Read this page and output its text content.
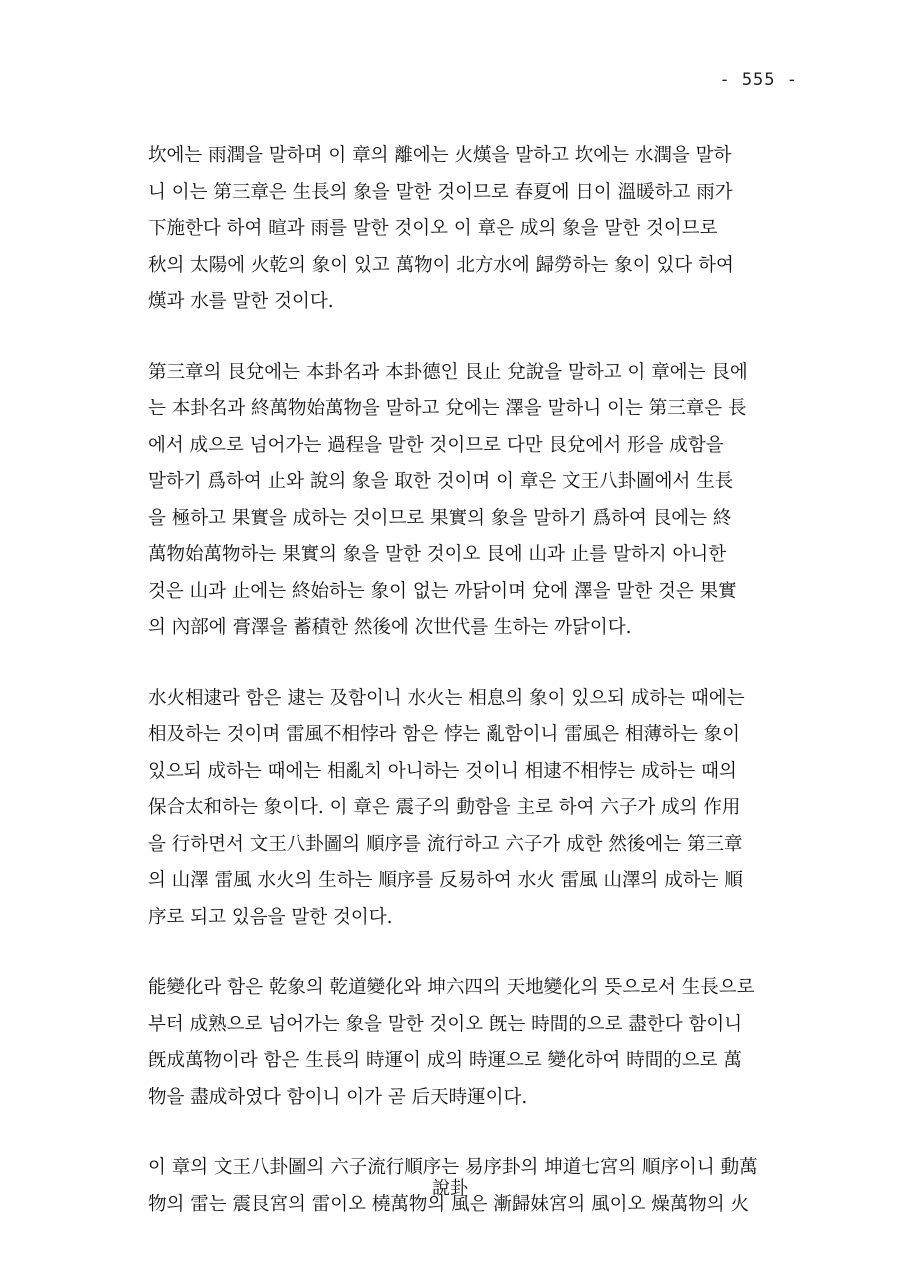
- 555 -

坎에는 雨潤을 말하며 이 章의 離에는 火熯을 말하고 坎에는 水潤을 말하
니 이는 第三章은 生長의 象을 말한 것이므로 春夏에 日이 溫暖하고 雨가
下施한다 하여 暄과 雨를 말한 것이오 이 章은 成의 象을 말한 것이므로
秋의 太陽에 火乾의 象이 있고 萬物이 北方水에 歸勞하는 象이 있다 하여
熯과 水를 말한 것이다.

第三章의 艮兌에는 本卦名과 本卦德인 艮止 兌說을 말하고 이 章에는 艮에
는 本卦名과 終萬物始萬物을 말하고 兌에는 澤을 말하니 이는 第三章은 長
에서 成으로 넘어가는 過程을 말한 것이므로 다만 艮兌에서 形을 成함을
말하기 爲하여 止와 說의 象을 取한 것이며 이 章은 文王八卦圖에서 生長
을 極하고 果實을 成하는 것이므로 果實의 象을 말하기 爲하여 艮에는 終
萬物始萬物하는 果實의 象을 말한 것이오 艮에 山과 止를 말하지 아니한
것은 山과 止에는 終始하는 象이 없는 까닭이며 兌에 澤을 말한 것은 果實
의 內部에 膏澤을 蓄積한 然後에 次世代를 生하는 까닭이다.

水火相逮라 함은 逮는 及함이니 水火는 相息의 象이 있으되 成하는 때에는
相及하는 것이며 雷風不相悖라 함은 悖는 亂함이니 雷風은 相薄하는 象이
있으되 成하는 때에는 相亂치 아니하는 것이니 相逮不相悖는 成하는 때의
保合太和하는 象이다. 이 章은 震子의 動함을 主로 하여 六子가 成의 作用
을 行하면서 文王八卦圖의 順序를 流行하고 六子가 成한 然後에는 第三章
의 山澤 雷風 水火의 生하는 順序를 反易하여 水火 雷風 山澤의 成하는 順
序로 되고 있음을 말한 것이다.

能變化라 함은 乾象의 乾道變化와 坤六四의 天地變化의 뜻으로서 生長으로
부터 成熟으로 넘어가는 象을 말한 것이오 旣는 時間的으로 盡한다 함이니
旣成萬物이라 함은 生長의 時運이 成의 時運으로 變化하여 時間的으로 萬
物을 盡成하였다 함이니 이가 곧 后天時運이다.

이 章의 文王八卦圖의 六子流行順序는 易序卦의 坤道七宮의 順序이니 動萬
物의 雷는 震艮宮의 雷이오 橈萬物의 風은 漸歸妹宮의 風이오 燥萬物의 火

說卦
